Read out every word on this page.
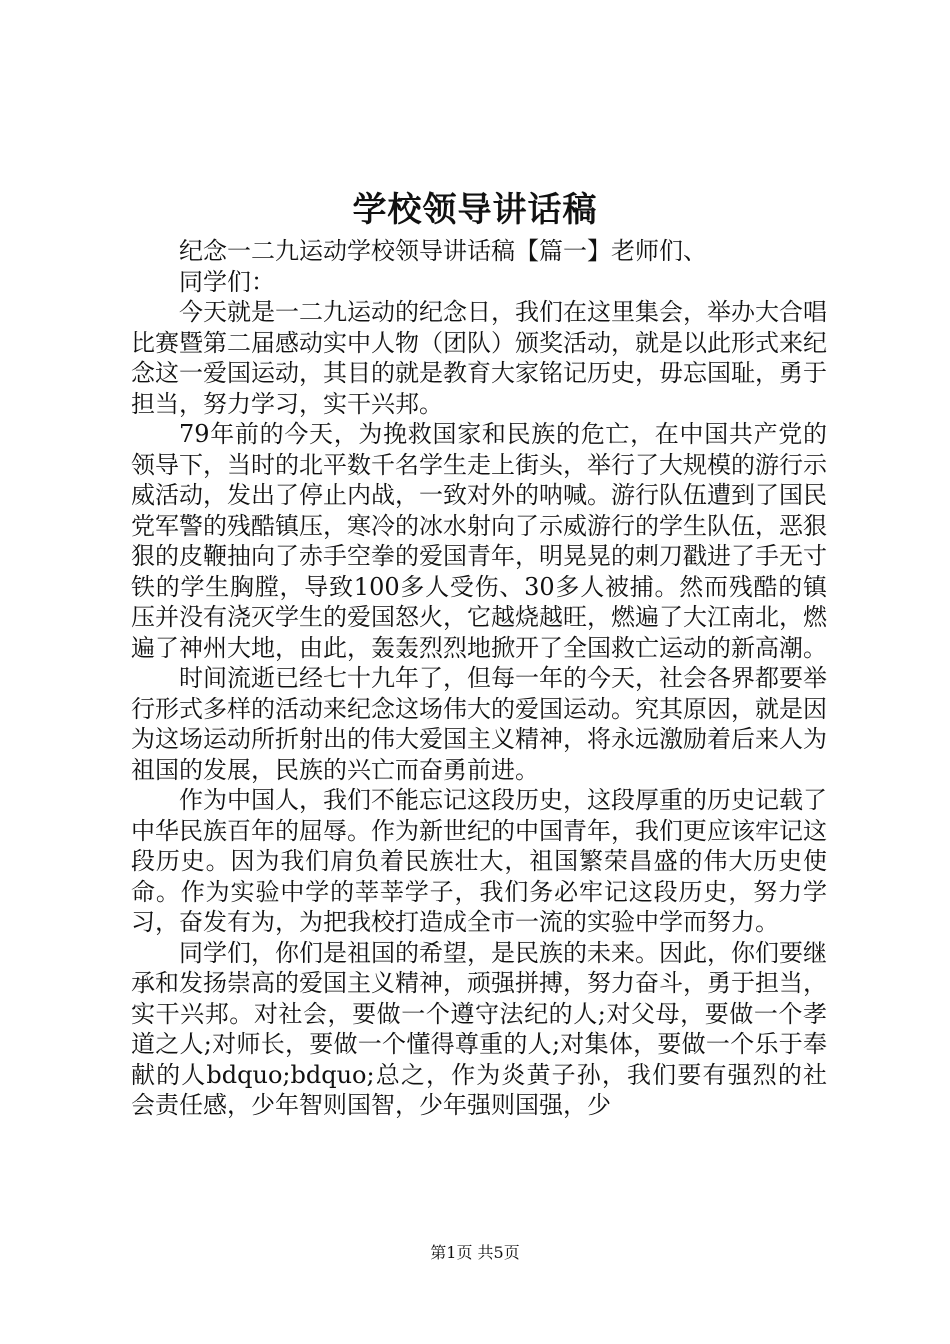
学校领导讲话稿

纪念一二九运动学校领导讲话稿【篇一】老师们、

同学们：

今天就是一二九运动的纪念日，我们在这里集会，举办大合唱比赛暨第二届感动实中人物（团队）颁奖活动，就是以此形式来纪念这一爱国运动，其目的就是教育大家铭记历史，毋忘国耻，勇于担当，努力学习，实干兴邦。

79年前的今天，为挽救国家和民族的危亡，在中国共产党的领导下，当时的北平数千名学生走上街头，举行了大规模的游行示威活动，发出了停止内战，一致对外的呐喊。游行队伍遭到了国民党军警的残酷镇压，寒冷的冰水射向了示威游行的学生队伍，恶狠狠的皮鞭抽向了赤手空拳的爱国青年，明晃晃的刺刀戳进了手无寸铁的学生胸膛，导致100多人受伤、30多人被捕。然而残酷的镇压并没有浇灭学生的爱国怒火，它越烧越旺，燃遍了大江南北，燃遍了神州大地，由此，轰轰烈烈地掀开了全国救亡运动的新高潮。

时间流逝已经七十九年了，但每一年的今天，社会各界都要举行形式多样的活动来纪念这场伟大的爱国运动。究其原因，就是因为这场运动所折射出的伟大爱国主义精神，将永远激励着后来人为祖国的发展，民族的兴亡而奋勇前进。

作为中国人，我们不能忘记这段历史，这段厚重的历史记载了中华民族百年的屈辱。作为新世纪的中国青年，我们更应该牢记这段历史。因为我们肩负着民族壮大，祖国繁荣昌盛的伟大历史使命。作为实验中学的莘莘学子，我们务必牢记这段历史，努力学习，奋发有为，为把我校打造成全市一流的实验中学而努力。

同学们，你们是祖国的希望，是民族的未来。因此，你们要继承和发扬崇高的爱国主义精神，顽强拼搏，努力奋斗，勇于担当，实干兴邦。对社会，要做一个遵守法纪的人;对父母，要做一个孝道之人;对师长，要做一个懂得尊重的人;对集体，要做一个乐于奉献的人bdquo;bdquo;总之，作为炎黄子孙，我们要有强烈的社会责任感，少年智则国智，少年强则国强，少

第1页 共5页
